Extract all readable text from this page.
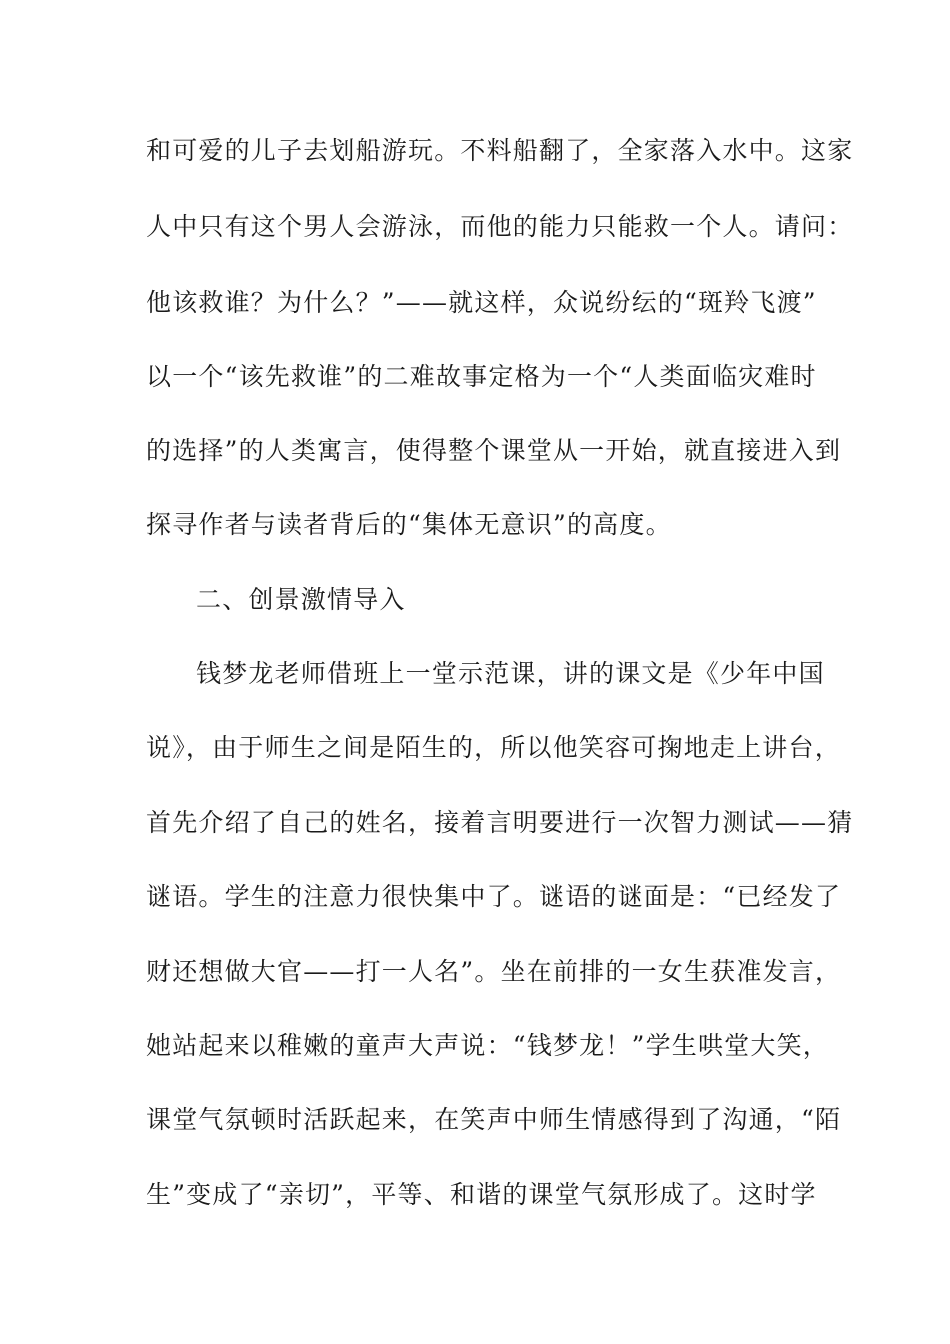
和可爱的儿子去划船游玩。不料船翻了，全家落入水中。这家
人中只有这个男人会游泳，而他的能力只能救一个人。请问：
他该救谁？为什么？”——就这样，众说纷纭的“斑羚飞渡”
以一个“该先救谁”的二难故事定格为一个“人类面临灾难时
的选择”的人类寓言，使得整个课堂从一开始，就直接进入到
探寻作者与读者背后的“集体无意识”的高度。
二、创景激情导入
钱梦龙老师借班上一堂示范课，讲的课文是《少年中国
说》，由于师生之间是陌生的，所以他笑容可掬地走上讲台，
首先介绍了自己的姓名，接着言明要进行一次智力测试——猜
谜语。学生的注意力很快集中了。谜语的谜面是：“已经发了
财还想做大官——打一人名”。坐在前排的一女生获准发言，
她站起来以稚嫩的童声大声说：“钱梦龙！”学生哄堂大笑，
课堂气氛顿时活跃起来，在笑声中师生情感得到了沟通，“陌
生”变成了“亲切”，平等、和谐的课堂气氛形成了。这时学
